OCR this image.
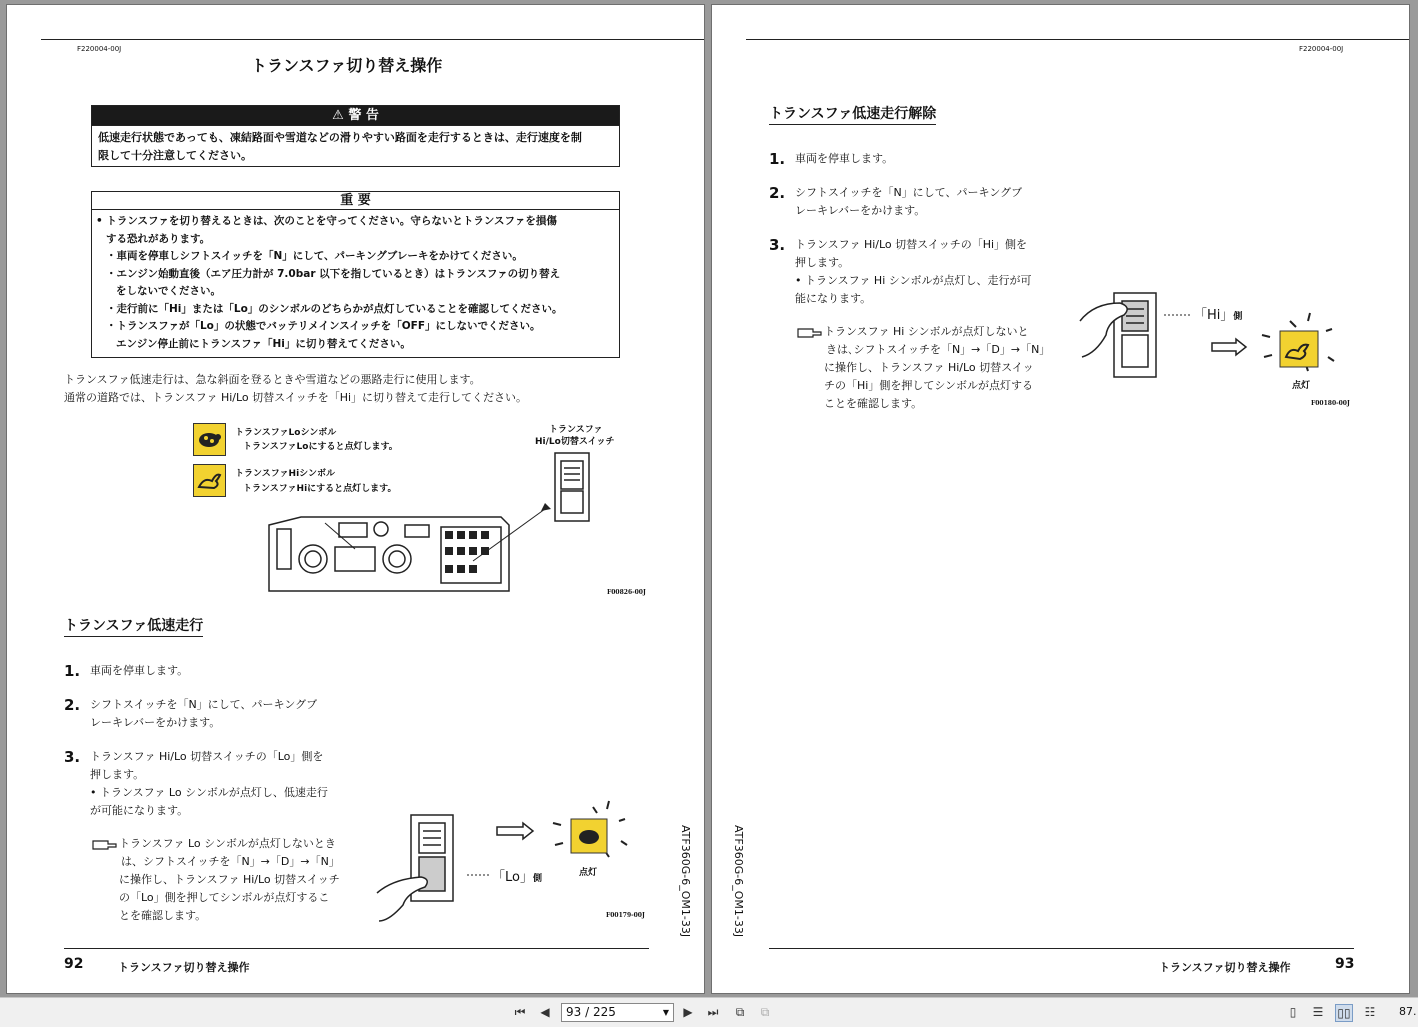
F220004-00J
トランスファ切り替え操作
⚠ 警 告
低速走行状態であっても、凍結路面や雪道などの滑りやすい路面を走行するときは、走行速度を制
限して十分注意してください。
重 要
• トランスファを切り替えるときは、次のことを守ってください。守らないとトランスファを損傷
する恐れがあります。
・車両を停車しシフトスイッチを「N」にして、パーキングブレーキをかけてください。
・エンジン始動直後（エア圧力計が 7.0bar 以下を指しているとき）はトランスファの切り替え
をしないでください。
・走行前に「Hi」または「Lo」のシンボルのどちらかが点灯していることを確認してください。
・トランスファが「Lo」の状態でバッテリメインスイッチを「OFF」にしないでください。
エンジン停止前にトランスファ「Hi」に切り替えてください。
トランスファ低速走行は、急な斜面を登るときや雪道などの悪路走行に使用します。
通常の道路では、トランスファ Hi/Lo 切替スイッチを「Hi」に切り替えて走行してください。
トランスファLoシンボル
トランスファLoにすると点灯します。
トランスファHiシンボル
トランスファHiにすると点灯します。
トランスファ
Hi/Lo切替スイッチ
F00826-00J
トランスファ低速走行
1. 車両を停車します。
2. シフトスイッチを「N」にして、パーキングブ
レーキレバーをかけます。
3. トランスファ Hi/Lo 切替スイッチの「Lo」側を
押します。
• トランスファ Lo シンボルが点灯し、低速走行
が可能になります。
トランスファ Lo シンボルが点灯しないとき
は、シフトスイッチを「N」→「D」→「N」
に操作し、トランスファ Hi/Lo 切替スイッチ
の「Lo」側を押してシンボルが点灯するこ
とを確認します。
「Lo」側
点灯
F00179-00J	ATF360G-6_OM1-33J
92	トランスファ切り替え操作
F220004-00J
トランスファ低速走行解除
1. 車両を停車します。
2. シフトスイッチを「N」にして、パーキングブ
レーキレバーをかけます。
3. トランスファ Hi/Lo 切替スイッチの「Hi」側を
押します。
• トランスファ Hi シンボルが点灯し、走行が可
能になります。
トランスファ Hi シンボルが点灯しないと
きは､シフトスイッチを「N」→「D」→「N」
に操作し、トランスファ Hi/Lo 切替スイッ
チの「Hi」側を押してシンボルが点灯する
ことを確認します。
「Hi」側
点灯
F00180-00J
ATF360G-6_OM1-33J
トランスファ切り替え操作	93
⏮ ◀	93 / 225	▼ ▶ ⏭	⧉	⧉	▯	☰ ▯▯ ☷ 87.
